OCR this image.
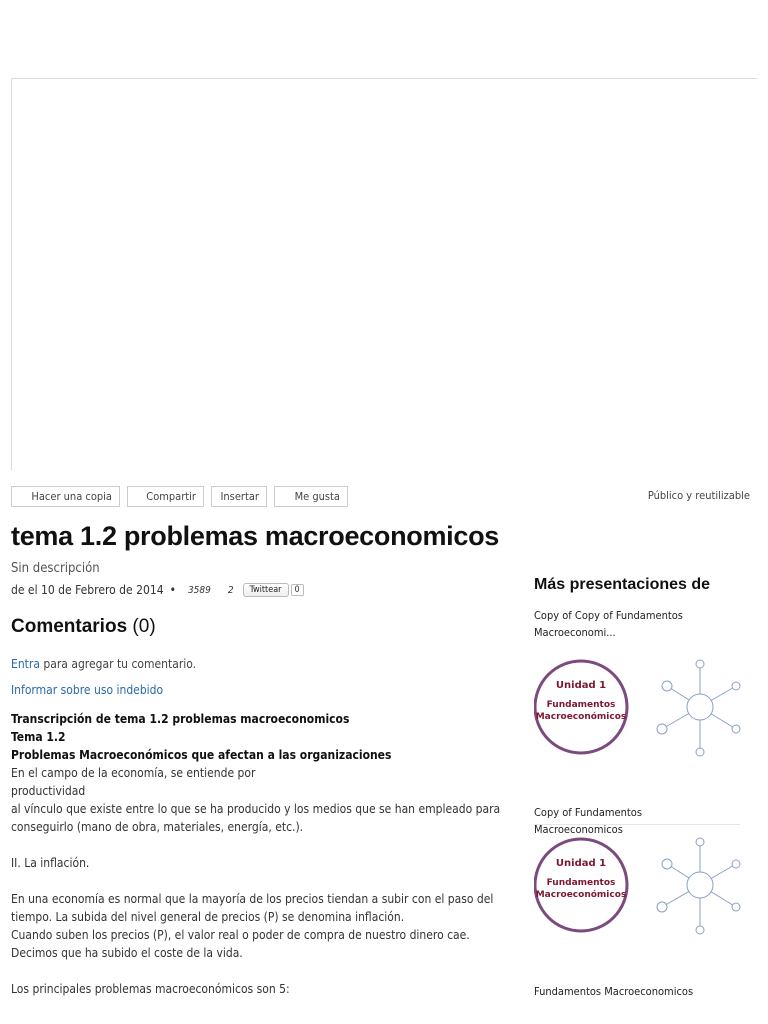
Hacer una copia	Compartir	Insertar	Me gusta	Público y reutilizable
tema 1.2 problemas macroeconomicos
Sin descripción
de el 10 de Febrero de 2014 • 3589 2	Twittear	0
Comentarios (0)
Entra para agregar tu comentario.
Informar sobre uso indebido
Transcripción de tema 1.2 problemas macroeconomicos
Tema 1.2
Problemas Macroeconómicos que afectan a las organizaciones
En el campo de la economía, se entiende por
productividad
al vínculo que existe entre lo que se ha producido y los medios que se han empleado para conseguirlo (mano de obra, materiales, energía, etc.).
II. La inflación.
En una economía es normal que la mayoría de los precios tiendan a subir con el paso del tiempo. La subida del nivel general de precios (P) se denomina inflación.
Cuando suben los precios (P), el valor real o poder de compra de nuestro dinero cae.
Decimos que ha subido el coste de la vida.
Los principales problemas macroeconómicos son 5:
Más presentaciones de
Copy of Copy of Fundamentos Macroeconomi...
Unidad 1
Fundamentos
Macroeconómicos
Copy of Fundamentos Macroeconomicos
Unidad 1
Fundamentos
Macroeconómicos
Fundamentos Macroeconomicos
